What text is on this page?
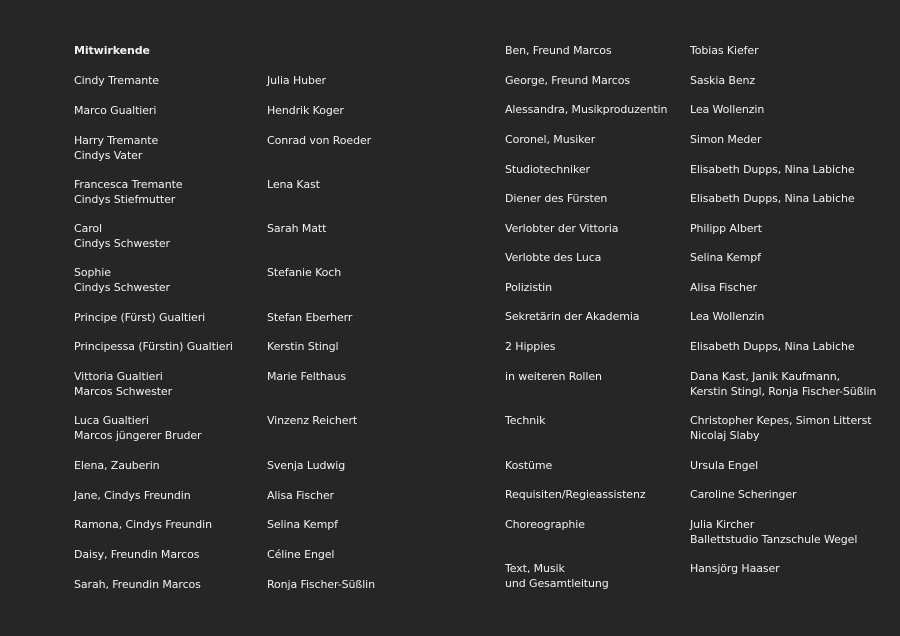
Mitwirkende
Cindy Tremante
Marco Gualtieri
Harry Tremante
Cindys Vater
Francesca Tremante
Cindys Stiefmutter
Carol
Cindys Schwester
Sophie
Cindys Schwester
Principe (Fürst) Gualtieri
Principessa (Fürstin) Gualtieri
Vittoria Gualtieri
Marcos Schwester
Luca Gualtieri
Marcos jüngerer Bruder
Elena, Zauberin
Jane, Cindys Freundin
Ramona, Cindys Freundin
Daisy, Freundin Marcos
Sarah, Freundin Marcos
Julia Huber
Hendrik Koger
Conrad von Roeder
Lena Kast
Sarah Matt
Stefanie Koch
Stefan Eberherr
Kerstin Stingl
Marie Felthaus
Vinzenz Reichert
Svenja Ludwig
Alisa Fischer
Selina Kempf
Céline Engel
Ronja Fischer-Süßlin
Ben, Freund Marcos
George, Freund Marcos
Alessandra, Musikproduzentin
Coronel, Musiker
Studiotechniker
Diener des Fürsten
Verlobter der Vittoria
Verlobte des Luca
Polizistin
Sekretärin der Akademia
2 Hippies
in weiteren Rollen
Technik
Kostüme
Requisiten/Regieassistenz
Choreographie
Text, Musik
und Gesamtleitung
Tobias Kiefer
Saskia Benz
Lea Wollenzin
Simon Meder
Elisabeth Dupps, Nina Labiche
Elisabeth Dupps, Nina Labiche
Philipp Albert
Selina Kempf
Alisa Fischer
Lea Wollenzin
Elisabeth Dupps, Nina Labiche
Dana Kast, Janik Kaufmann,
Kerstin Stingl, Ronja Fischer-Süßlin
Christopher Kepes, Simon Litterst
Nicolaj Slaby
Ursula Engel
Caroline Scheringer
Julia Kircher
Ballettstudio Tanzschule Wegel
Hansjörg Haaser
